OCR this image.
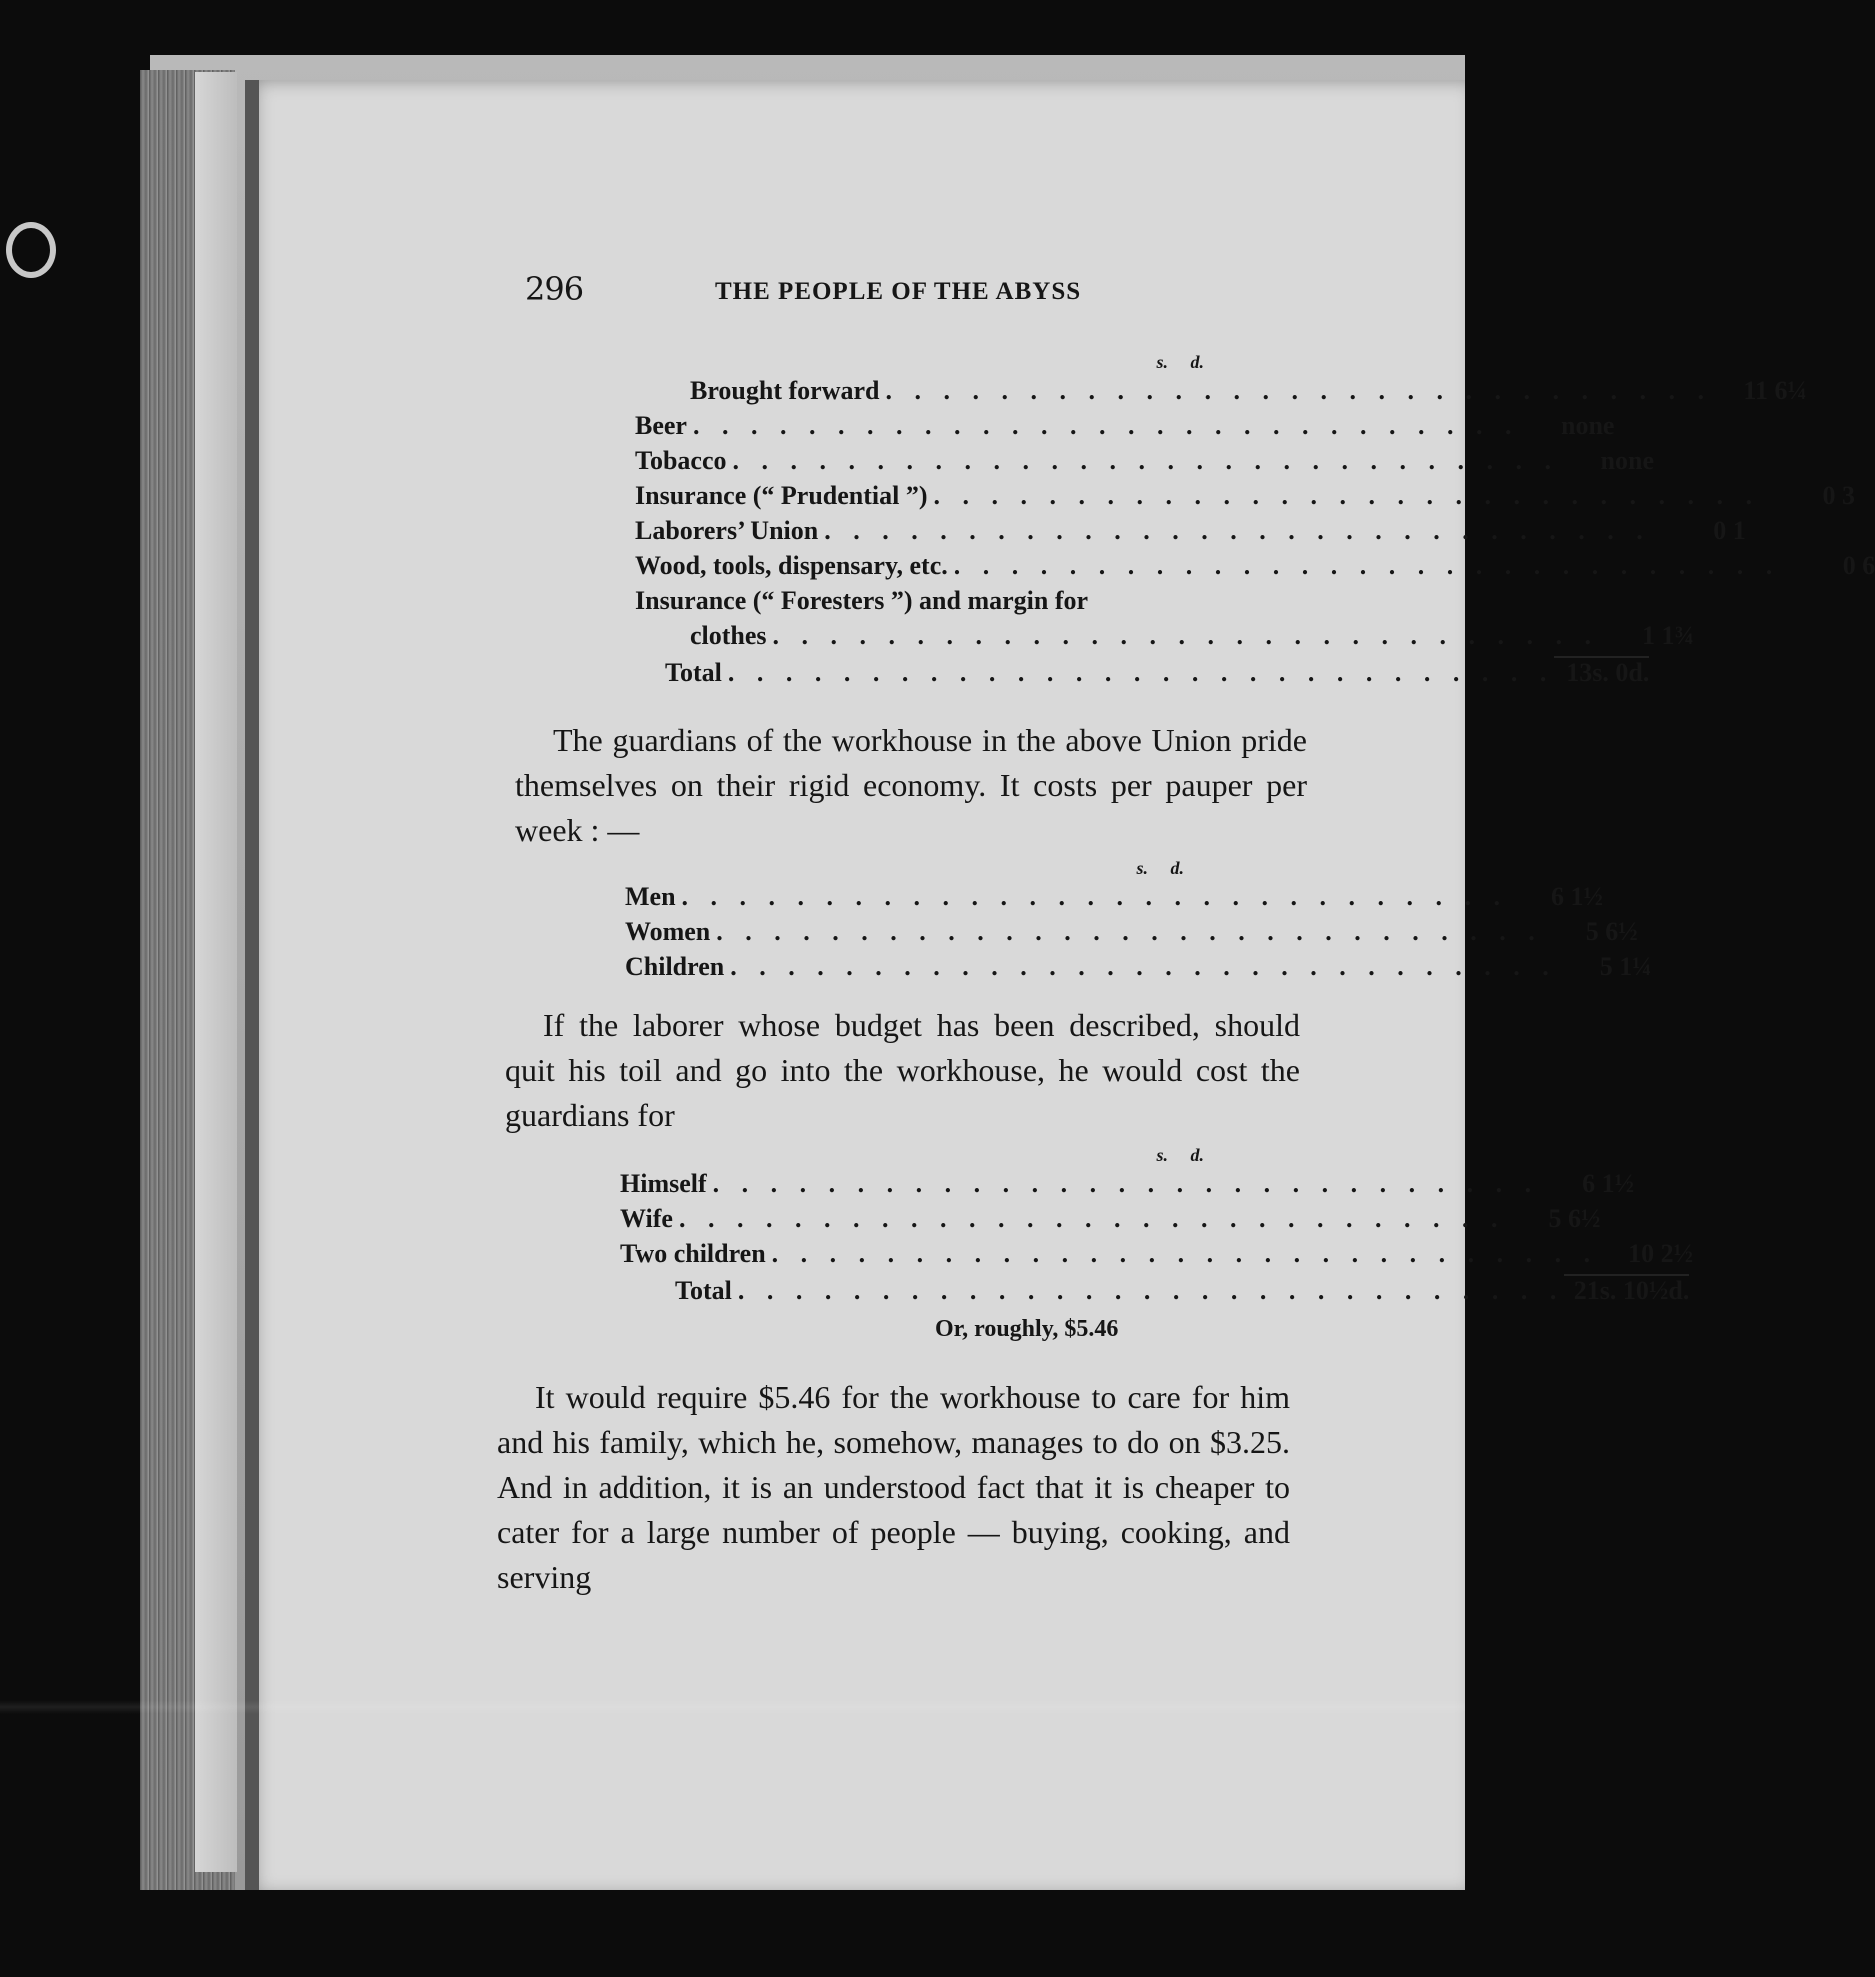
296	THE PEOPLE OF THE ABYSS
s. d.
Brought forward . . . . . . . . . . . . . . . . . . . . . . . . . . . . .	11 6¼
Beer . . . . . . . . . . . . . . . . . . . . . . . . . . . . .	none
Tobacco . . . . . . . . . . . . . . . . . . . . . . . . . . . . .	none
Insurance (“ Prudential ”) . . . . . . . . . . . . . . . . . . . . . . . . . . . . .	0 3
Laborers’ Union . . . . . . . . . . . . . . . . . . . . . . . . . . . . .	0 1
Wood, tools, dispensary, etc. . . . . . . . . . . . . . . . . . . . . . . . . . . . . .	0 6
Insurance (“ Foresters ”) and margin for
clothes . . . . . . . . . . . . . . . . . . . . . . . . . . . . .	1 1¾
Total . . . . . . . . . . . . . . . . . . . . . . . . . . . . . 13s. 0d.
The guardians of the workhouse in the above Union pride themselves on their rigid economy. It costs per pauper per week : —
s. d.
Men . . . . . . . . . . . . . . . . . . . . . . . . . . . . .	6 1½
Women . . . . . . . . . . . . . . . . . . . . . . . . . . . . .	5 6½
Children . . . . . . . . . . . . . . . . . . . . . . . . . . . . .	5 1¼
If the laborer whose budget has been described, should quit his toil and go into the workhouse, he would cost the guardians for
s. d.
Himself . . . . . . . . . . . . . . . . . . . . . . . . . . . . .	6 1½
Wife . . . . . . . . . . . . . . . . . . . . . . . . . . . . .	5 6½
Two children . . . . . . . . . . . . . . . . . . . . . . . . . . . . .	10 2½
Total . . . . . . . . . . . . . . . . . . . . . . . . . . . . . 21s. 10½d.
Or, roughly, $5.46
It would require $5.46 for the workhouse to care for him and his family, which he, somehow, manages to do on $3.25. And in addition, it is an understood fact that it is cheaper to cater for a large number of people — buying, cooking, and serving
